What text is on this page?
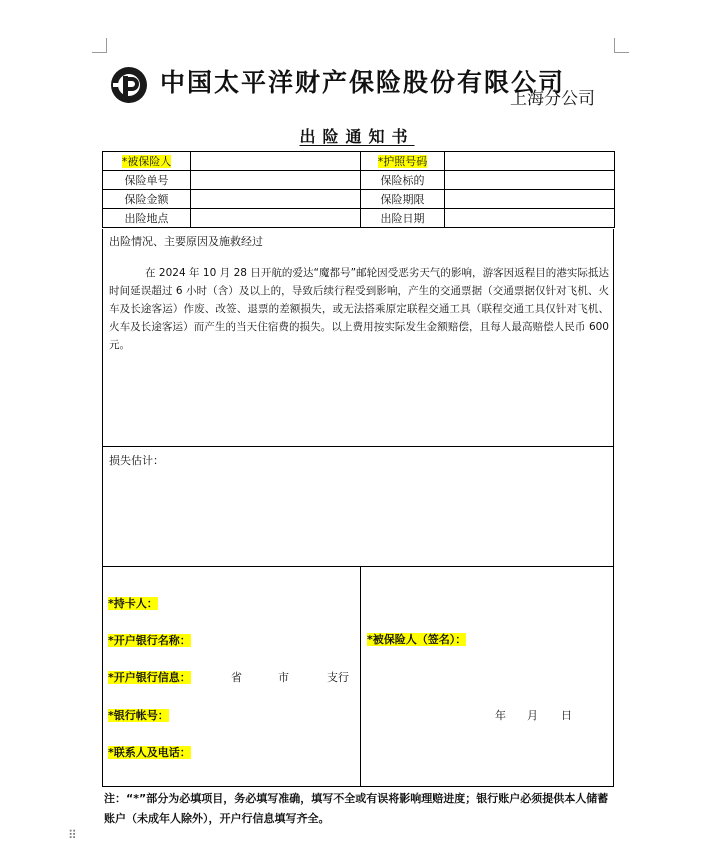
中国太平洋财产保险股份有限公司
上海分公司
出险通知书
*被保险人		*护照号码	
保险单号		保险标的	
保险金额		保险期限	
出险地点		出险日期	
出险情况、主要原因及施救经过
在 2024 年 10 月 28 日开航的爱达“魔都号”邮轮因受恶劣天气的影响，游客因返程目的港实际抵达时间延误超过 6 小时（含）及以上的，导致后续行程受到影响，产生的交通票据（交通票据仅针对飞机、火车及长途客运）作废、改签、退票的差额损失，或无法搭乘原定联程交通工具（联程交通工具仅针对飞机、火车及长途客运）而产生的当天住宿费的损失。以上费用按实际发生金额赔偿，且每人最高赔偿人民币 600 元。
损失估计：
*持卡人：
*开户银行名称：
*开户银行信息：	省	市	支行
*银行帐号：
*联系人及电话：
*被保险人（签名）：
年 月 日
注：“*”部分为必填项目，务必填写准确，填写不全或有误将影响理赔进度；银行账户必须提供本人储蓄账户（未成年人除外），开户行信息填写齐全。
⠿
